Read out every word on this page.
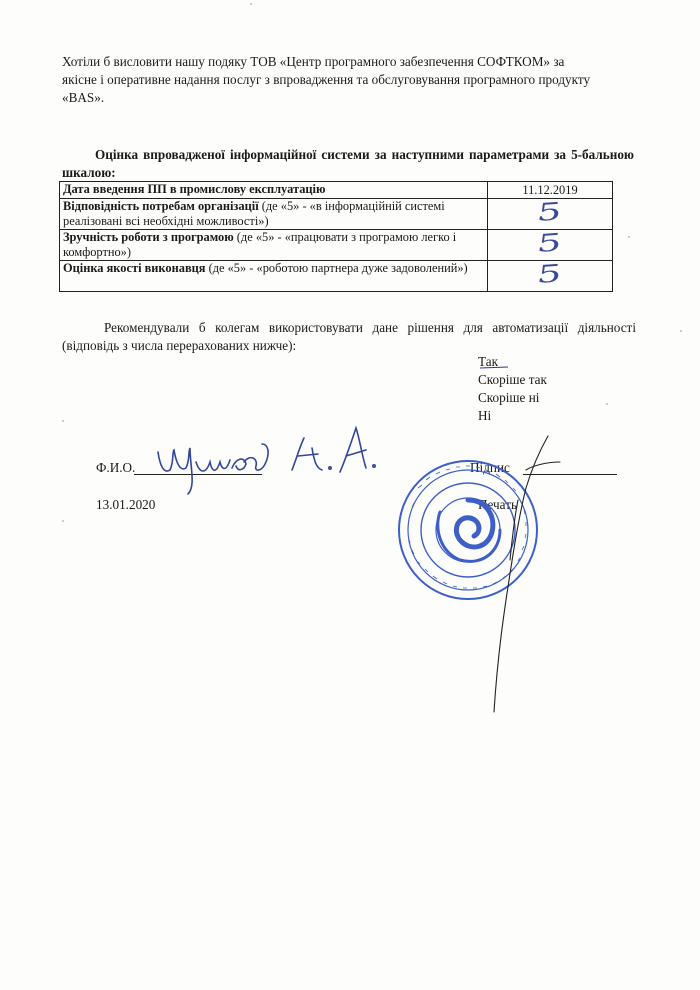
Хотіли б висловити нашу подяку ТОВ «Центр програмного забезпечення СОФТКОМ» за

якісне і оперативне надання послуг з впровадження та обслуговування програмного продукту

«BAS».

Оцінка впровадженої інформаційної системи за наступними параметрами за 5-бальною шкалою:
Дата введення ПП в промислову експлуатацію	11.12.2019
Відповідність потребам організації (де «5» - «в інформаційній системі реалізовані всі необхідні можливості»)	5
Зручність роботи з програмою (де «5» - «працювати з програмою легко і комфортно»)	5
Оцінка якості виконавця (де «5» - «роботою партнера дуже задоволений»)	5
Рекомендували б колегам використовувати дане рішення для автоматизації діяльності (відповідь з числа перерахованих нижче):
Так
Скоріше так
Скоріше ні
Ні
Ф.И.О.
13.01.2020
Підпис
Печать
